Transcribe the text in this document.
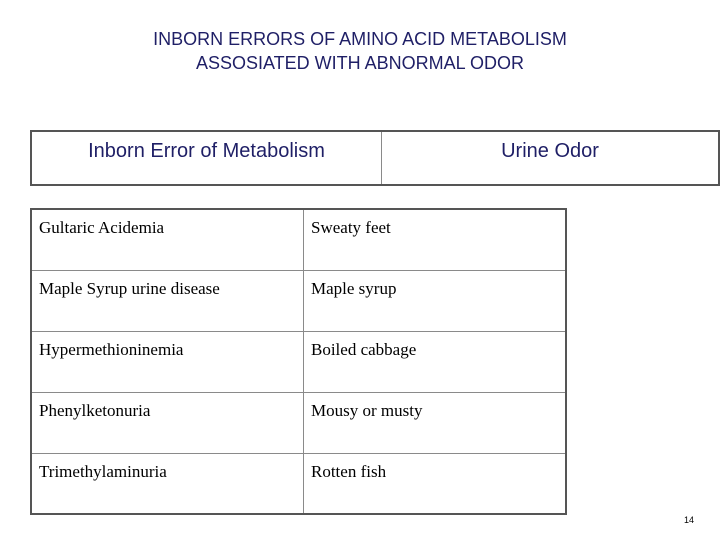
INBORN ERRORS OF AMINO ACID METABOLISM
ASSOSIATED WITH ABNORMAL ODOR
Inborn Error of Metabolism	Urine Odor
Gultaric Acidemia	Sweaty feet
Maple Syrup urine disease	Maple syrup
Hypermethioninemia	Boiled cabbage
Phenylketonuria	Mousy or musty
Trimethylaminuria	Rotten fish
14
